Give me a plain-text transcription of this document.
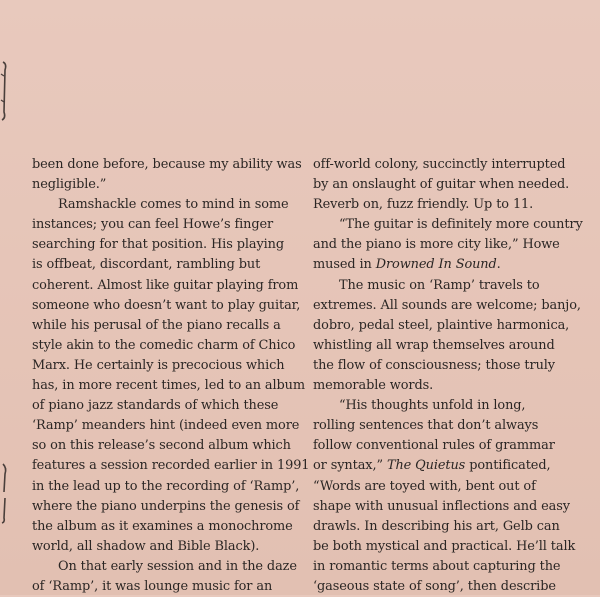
been done before, because my ability was
negligible.”
Ramshackle comes to mind in some
instances; you can feel Howe’s finger
searching for that position. His playing
is offbeat, discordant, rambling but
coherent. Almost like guitar playing from
someone who doesn’t want to play guitar,
while his perusal of the piano recalls a
style akin to the comedic charm of Chico
Marx. He certainly is precocious which
has, in more recent times, led to an album
of piano jazz standards of which these
‘Ramp’ meanders hint (indeed even more
so on this release’s second album which
features a session recorded earlier in 1991
in the lead up to the recording of ‘Ramp’,
where the piano underpins the genesis of
the album as it examines a monochrome
world, all shadow and Bible Black).
On that early session and in the daze
of ‘Ramp’, it was lounge music for an
off-world colony, succinctly interrupted
by an onslaught of guitar when needed.
Reverb on, fuzz friendly. Up to 11.
“The guitar is definitely more country
and the piano is more city like,” Howe
mused in Drowned In Sound.
The music on ‘Ramp’ travels to
extremes. All sounds are welcome; banjo,
dobro, pedal steel, plaintive harmonica,
whistling all wrap themselves around
the flow of consciousness; those truly
memorable words.
“His thoughts unfold in long,
rolling sentences that don’t always
follow conventional rules of grammar
or syntax,” The Quietus pontificated,
“Words are toyed with, bent out of
shape with unusual inflections and easy
drawls. In describing his art, Gelb can
be both mystical and practical. He’ll talk
in romantic terms about capturing the
‘gaseous state of song’, then describe
